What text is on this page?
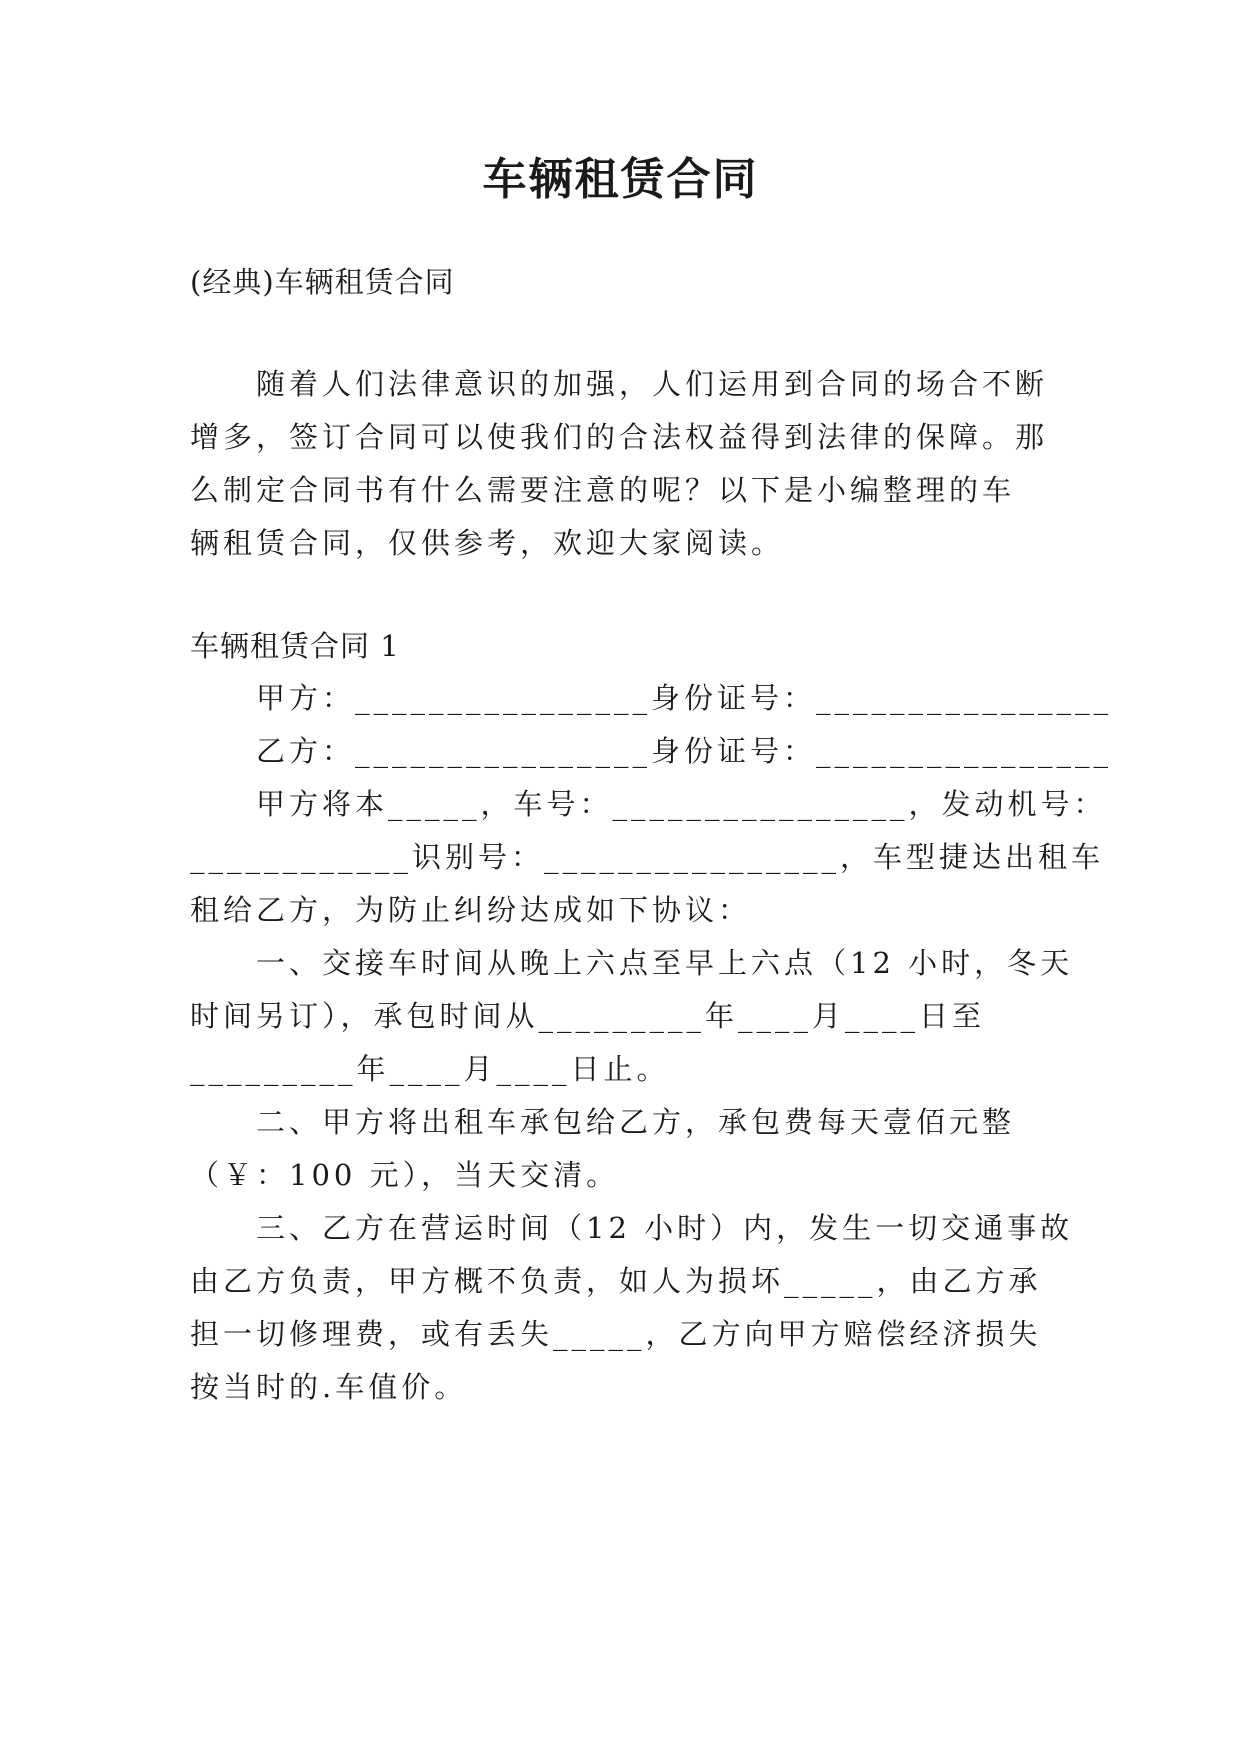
车辆租赁合同

(经典)车辆租赁合同

随着人们法律意识的加强，人们运用到合同的场合不断

增多，签订合同可以使我们的合法权益得到法律的保障。那

么制定合同书有什么需要注意的呢？以下是小编整理的车

辆租赁合同，仅供参考，欢迎大家阅读。

车辆租赁合同 1

甲方：________________身份证号：________________

乙方：________________身份证号：________________

甲方将本_____，车号：________________，发动机号：

____________识别号：________________，车型捷达出租车

租给乙方，为防止纠纷达成如下协议：

一、交接车时间从晚上六点至早上六点（12 小时，冬天

时间另订），承包时间从_________年____月____日至

_________年____月____日止。

二、甲方将出租车承包给乙方，承包费每天壹佰元整

（￥：100 元），当天交清。

三、乙方在营运时间（12 小时）内，发生一切交通事故

由乙方负责，甲方概不负责，如人为损坏_____，由乙方承

担一切修理费，或有丢失_____，乙方向甲方赔偿经济损失

按当时的.车值价。
